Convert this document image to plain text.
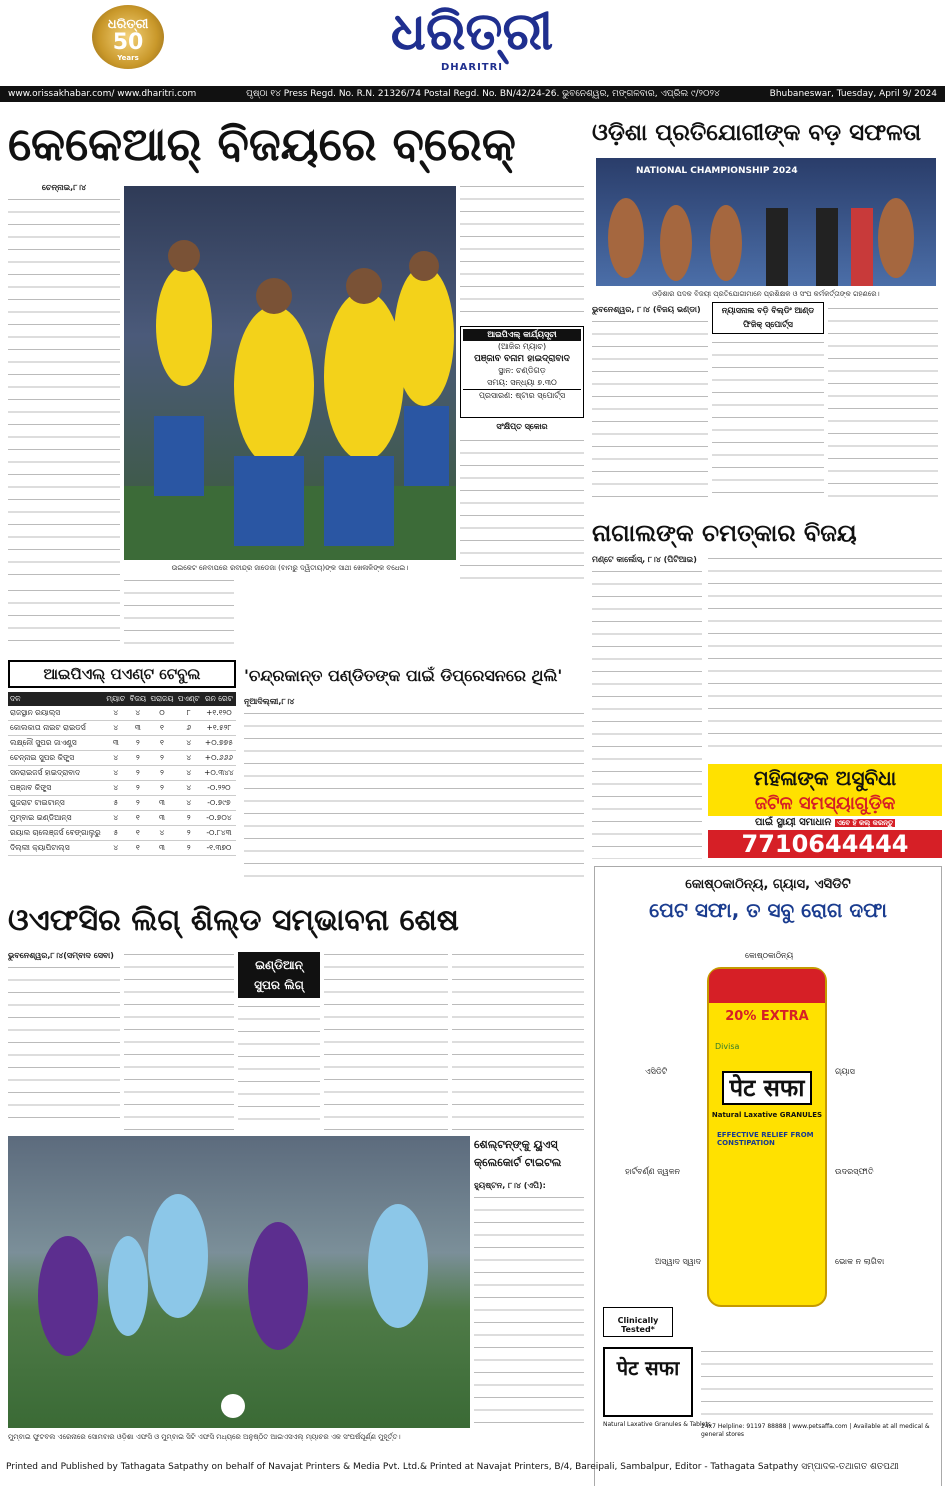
ଧରିତ୍ରୀ
50
Years	ଧରିତ୍ରୀ
DHARITRI
www.orissakhabar.com/ www.dharitri.com	ପୃଷ୍ଠା ୧୪ Press Regd. No. R.N. 21326/74 Postal Regd. No. BN/42/24-26. ଭୁବନେଶ୍ୱର, ମଙ୍ଗଳବାର, ଏପ୍ରିଲ ୯/୨୦୨୪	Bhubaneswar, Tuesday, April 9/ 2024
କେକେଆର୍ ବିଜୟରେ ବ୍ରେକ୍
ଚେନ୍ନାଇ,୮।୪
ଉଇକେଟ ନେବାପରେ ରବୀନ୍ଦ୍ର ଜାଡେଜା (ବାମରୁ ଦ୍ୱିତୀୟ)ଙ୍କ ସାଥୀ ଖେଳାଳିଙ୍କ ବଧେଇ।
ଆଇପିଏଲ୍ କାର୍ଯ୍ୟସୂଚୀ
(ଆଜିର ମ୍ୟାଚ)
ପଞ୍ଜାବ ବନାମ ହାଇଦ୍ରାବାଦ
ସ୍ଥାନ: ଚଣ୍ଡିଗଡ଼
ସମୟ: ସନ୍ଧ୍ୟା ୭.୩୦
ପ୍ରସାରଣ: ଷ୍ଟାର ସ୍ପୋର୍ଟ୍ସ
ସଂକ୍ଷିପ୍ତ ସ୍କୋର
ଆଇପିଏଲ୍ ପଏଣ୍ଟ ଟେବୁଲ
ଦଳ	ମ୍ୟାଚ	ବିଜୟ	ପରାଜୟ	ପଏଣ୍ଟ	ରନ ରେଟ
ରାଜସ୍ଥାନ ରୟାଲ୍ସ	୪	୪	୦	୮	+୧.୧୨୦
କୋଲକାତା ନାଇଟ ରାଇଡର୍ସ	୪	୩	୧	୬	+୧.୫୨୮
ଲକ୍ଷ୍ନୌ ସୁପର ଜାଏଣ୍ଟ୍ସ	୩	୨	୧	୪	+୦.୭୭୫
ଚେନ୍ନାଇ ସୁପର କିଙ୍ଗ୍ସ	୪	୨	୨	୪	+୦.୬୬୬
ସନରାଇଜର୍ସ ହାଇଦ୍ରାବାଦ	୪	୨	୨	୪	+୦.୩୪୪
ପଞ୍ଜାବ କିଙ୍ଗ୍ସ	୪	୨	୨	୪	-୦.୨୨୦
ଗୁଜରାଟ ଟାଇଟାନ୍ସ	୫	୨	୩	୪	-୦.୭୯୭
ମୁମ୍ବାଇ ଇଣ୍ଡିଆନ୍ସ	୪	୧	୩	୨	-୦.୭୦୪
ରୟାଲ ଚାଲେଞ୍ଜର୍ସ ବେଙ୍ଗାଲୁରୁ	୫	୧	୪	୨	-୦.୮୪୩
ଦିଲ୍ଲୀ କ୍ୟାପିଟାଲ୍ସ	୪	୧	୩	୨	-୧.୩୭୦
'ଚନ୍ଦ୍ରକାନ୍ତ ପଣ୍ଡିତଙ୍କ ପାଇଁ ଡିପ୍ରେସନରେ ଥିଲି'
ନୂଆଦିଲ୍ଲୀ,୮।୪
ଓଡ଼ିଶା ପ୍ରତିଯୋଗୀଙ୍କ ବଡ଼ ସଫଳତା
NATIONAL CHAMPIONSHIP 2024
ଓଡ଼ିଶାର ପଦକ ବିଜୟୀ ପ୍ରତିଯୋଗୀମାନେ ପ୍ରଶିକ୍ଷକ ଓ ସଂଘ କର୍ମକର୍ତ୍ତାଙ୍କ ଗହଣରେ।
ଭୁବନେଶ୍ୱର, ୮।୪ (ବିଜୟ ଭଣ୍ଡା)	ନ୍ୟାସନାଲ ବଡ଼ି ବିଲ୍ଡିଂ ଆଣ୍ଡ ଫିଜିକ୍ ସ୍ପୋର୍ଟ୍ସ
ନାଗାଲଙ୍କ ଚମତ୍କାର ବିଜୟ
ମଣ୍ଟେ କାର୍ଲୋସ୍, ୮।୪ (ପିଟିଆଇ)
ମହିଳାଙ୍କ ଅସୁବିଧା
ଜଟିଳ ସମସ୍ୟାଗୁଡ଼ିକ
ପାଇଁ ସ୍ଥାୟୀ ସମାଧାନ ଏବେ ହିଁ କଲ୍ କରନ୍ତୁ
7710644444
ଓଏଫସିର ଲିଗ୍ ଶିଲ୍ଡ ସମ୍ଭାବନା ଶେଷ
ଭୁବନେଶ୍ୱର,୮।୪(ସମ୍ବାଦ ସେବା)
ଇଣ୍ଡିଆନ୍
ସୁପର ଲିଗ୍
ମୁମ୍ବାଇ ଫୁଟବଲ ଏରେନାରେ ସୋମବାର ଓଡ଼ିଶା ଏଫସି ଓ ମୁମ୍ବାଇ ସିଟି ଏଫସି ମଧ୍ୟରେ ଅନୁଷ୍ଠିତ ଆଇଏସଏଲ୍ ମ୍ୟାଚର ଏକ ସଂଘର୍ଷପୂର୍ଣ୍ଣ ମୁହୂର୍ତ୍ତ।
ଶେଲ୍ଟନ୍‌ଙ୍କୁ ୟୁଏସ୍ କ୍ଲେକୋର୍ଟ ଟାଇଟଲ
ହ୍ୟୁଷ୍ଟନ, ୮।୪ (ଏପି):
କୋଷ୍ଠକାଠିନ୍ୟ, ଗ୍ୟାସ, ଏସିଡିଟି
ପେଟ ସଫା, ତ ସବୁ ରୋଗ ଦଫା
20% EXTRA
Divisa
पेट सफा
Natural Laxative GRANULES
EFFECTIVE RELIEF FROM CONSTIPATION
କୋଷ୍ଠକାଠିନ୍ୟ
ଏସିଡିଟି	ଗ୍ୟାସ
ହାର୍ଟବର୍ଣ୍ଣ ଜ୍ୱଳନ	ଉଦରସ୍ଫୀତି
ଅସ୍ୱାଦ ସ୍ୱାଦ	ଭୋକ ନ ଲାଗିବା
Clinically Tested*
पेट सफा
Natural Laxative Granules & Tablets
24x7 Helpline: 91197 88888 | www.petsaffa.com | Available at all medical & general stores
Printed and Published by Tathagata Satpathy on behalf of Navajat Printers & Media Pvt. Ltd.& Printed at Navajat Printers, B/4, Bareipali, Sambalpur, Editor - Tathagata Satpathy ସମ୍ପାଦକ-ତଥାଗତ ଶତପଥୀ
